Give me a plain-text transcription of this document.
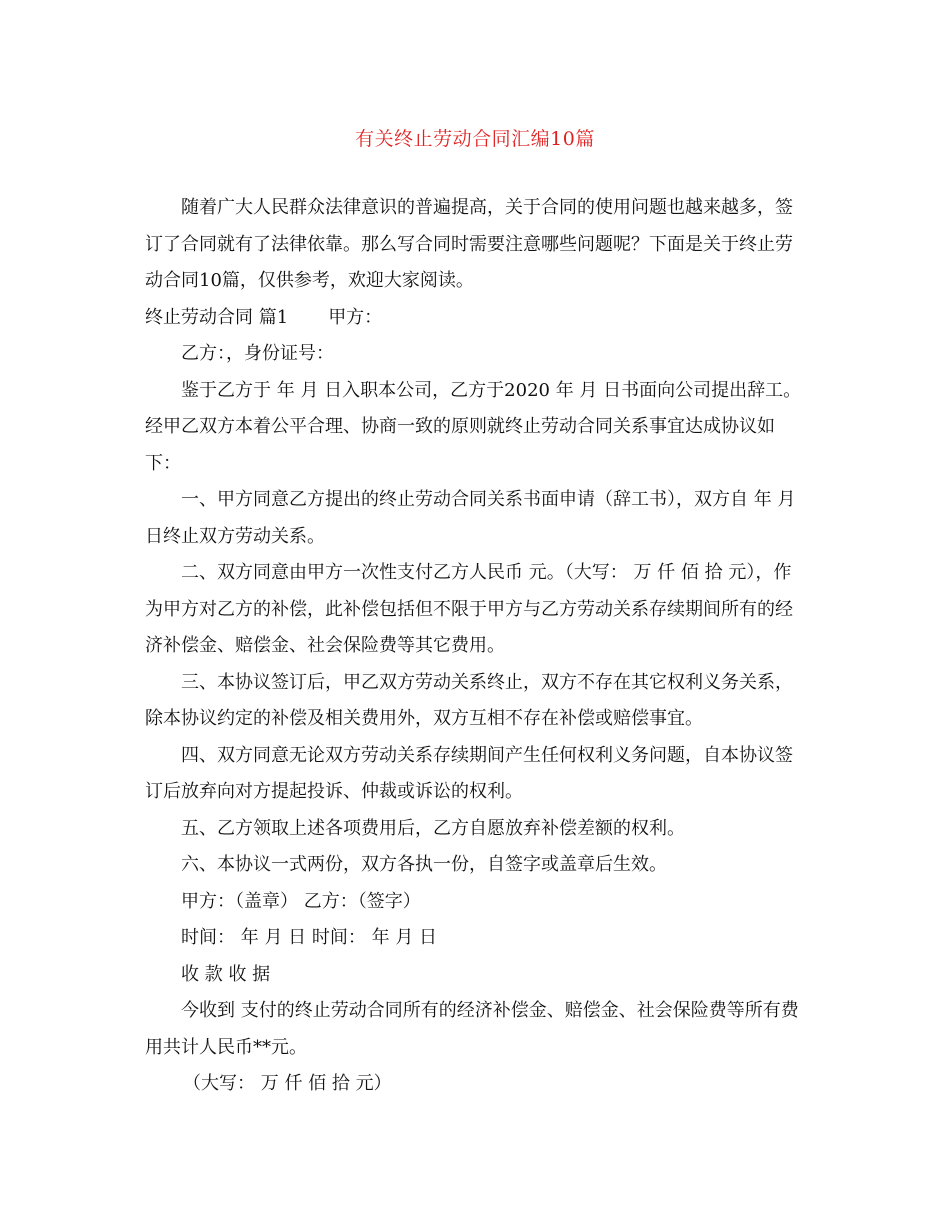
有关终止劳动合同汇编10篇

随着广大人民群众法律意识的普遍提高，关于合同的使用问题也越来越多，签订了合同就有了法律依靠。那么写合同时需要注意哪些问题呢？下面是关于终止劳动合同10篇，仅供参考，欢迎大家阅读。

终止劳动合同 篇1 甲方：

乙方：，身份证号：

鉴于乙方于 年 月 日入职本公司，乙方于2020 年 月 日书面向公司提出辞工。经甲乙双方本着公平合理、协商一致的原则就终止劳动合同关系事宜达成协议如下：

一、甲方同意乙方提出的终止劳动合同关系书面申请（辞工书），双方自 年 月 日终止双方劳动关系。

二、双方同意由甲方一次性支付乙方人民币 元。（大写： 万 仟 佰 拾 元），作为甲方对乙方的补偿，此补偿包括但不限于甲方与乙方劳动关系存续期间所有的经济补偿金、赔偿金、社会保险费等其它费用。

三、本协议签订后，甲乙双方劳动关系终止，双方不存在其它权利义务关系，除本协议约定的补偿及相关费用外，双方互相不存在补偿或赔偿事宜。

四、双方同意无论双方劳动关系存续期间产生任何权利义务问题，自本协议签订后放弃向对方提起投诉、仲裁或诉讼的权利。

五、乙方领取上述各项费用后，乙方自愿放弃补偿差额的权利。

六、本协议一式两份，双方各执一份，自签字或盖章后生效。

甲方：（盖章） 乙方：（签字）

时间： 年 月 日 时间： 年 月 日

收 款 收 据

今收到 支付的终止劳动合同所有的经济补偿金、赔偿金、社会保险费等所有费用共计人民币**元。

（大写： 万 仟 佰 拾 元）
